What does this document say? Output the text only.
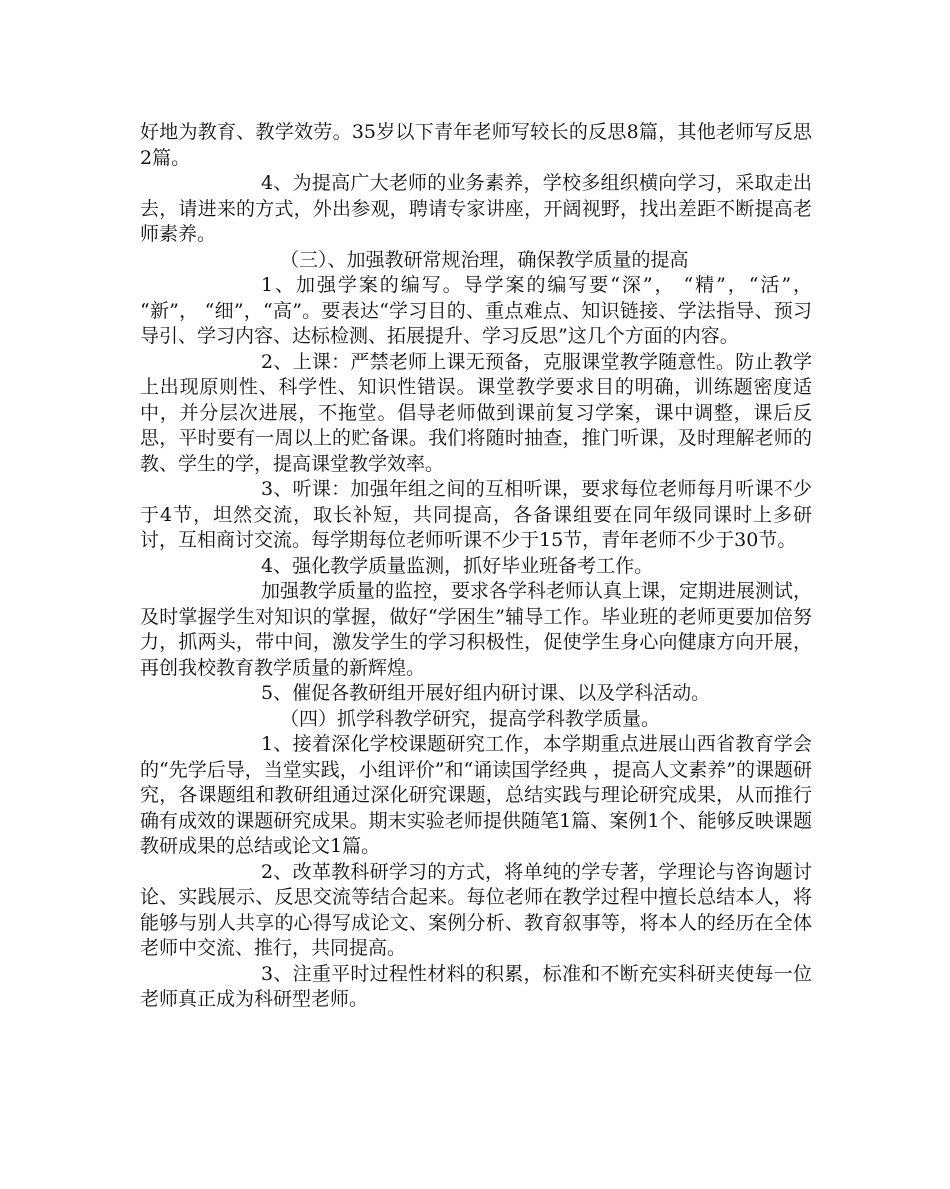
好地为教育、教学效劳。35岁以下青年老师写较长的反思8篇，其他老师写反思2篇。

4、为提高广大老师的业务素养，学校多组织横向学习，采取走出去，请进来的方式，外出参观，聘请专家讲座，开阔视野，找出差距不断提高老师素养。

（三）、加强教研常规治理，确保教学质量的提高

1、加强学案的编写。导学案的编写要“深”， “精”，“活”， “新”， “细”，“高”。要表达“学习目的、重点难点、知识链接、学法指导、预习导引、学习内容、达标检测、拓展提升、学习反思”这几个方面的内容。

2、上课：严禁老师上课无预备，克服课堂教学随意性。防止教学上出现原则性、科学性、知识性错误。课堂教学要求目的明确，训练题密度适中，并分层次进展，不拖堂。倡导老师做到课前复习学案，课中调整，课后反思，平时要有一周以上的贮备课。我们将随时抽查，推门听课，及时理解老师的教、学生的学，提高课堂教学效率。

3、听课：加强年组之间的互相听课，要求每位老师每月听课不少于4节，坦然交流，取长补短，共同提高，各备课组要在同年级同课时上多研讨，互相商讨交流。每学期每位老师听课不少于15节，青年老师不少于30节。

4、强化教学质量监测，抓好毕业班备考工作。

加强教学质量的监控，要求各学科老师认真上课，定期进展测试，及时掌握学生对知识的掌握，做好“学困生”辅导工作。毕业班的老师更要加倍努力，抓两头，带中间，激发学生的学习积极性，促使学生身心向健康方向开展，再创我校教育教学质量的新辉煌。

5、催促各教研组开展好组内研讨课、以及学科活动。

（四）抓学科教学研究，提高学科教学质量。

1、接着深化学校课题研究工作，本学期重点进展山西省教育学会的“先学后导，当堂实践，小组评价”和“诵读国学经典 ，提高人文素养”的课题研究，各课题组和教研组通过深化研究课题，总结实践与理论研究成果，从而推行确有成效的课题研究成果。期末实验老师提供随笔1篇、案例1个、能够反映课题教研成果的总结或论文1篇。

2、改革教科研学习的方式，将单纯的学专著，学理论与咨询题讨论、实践展示、反思交流等结合起来。每位老师在教学过程中擅长总结本人，将能够与别人共享的心得写成论文、案例分析、教育叙事等，将本人的经历在全体老师中交流、推行，共同提高。

3、注重平时过程性材料的积累，标准和不断充实科研夹使每一位老师真正成为科研型老师。
